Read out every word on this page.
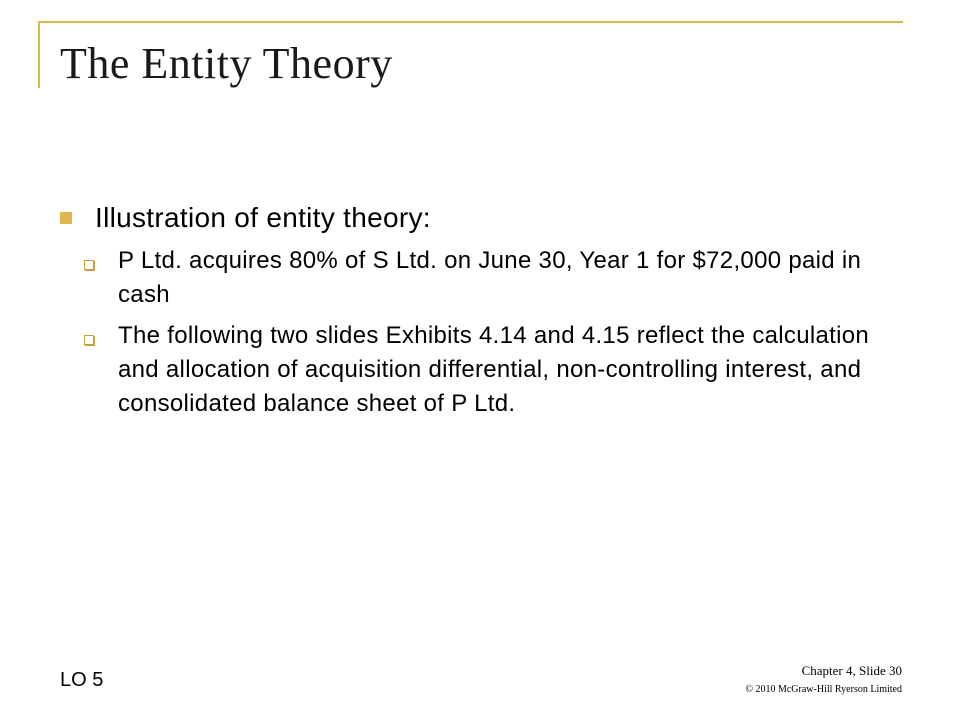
The Entity Theory
Illustration of entity theory:
P Ltd. acquires 80% of S Ltd. on June 30, Year 1 for $72,000 paid in cash
The following two slides Exhibits 4.14 and 4.15 reflect the calculation and allocation of acquisition differential, non-controlling interest, and consolidated balance sheet of P Ltd.
LO 5	Chapter 4, Slide 30
© 2010 McGraw-Hill Ryerson Limited
